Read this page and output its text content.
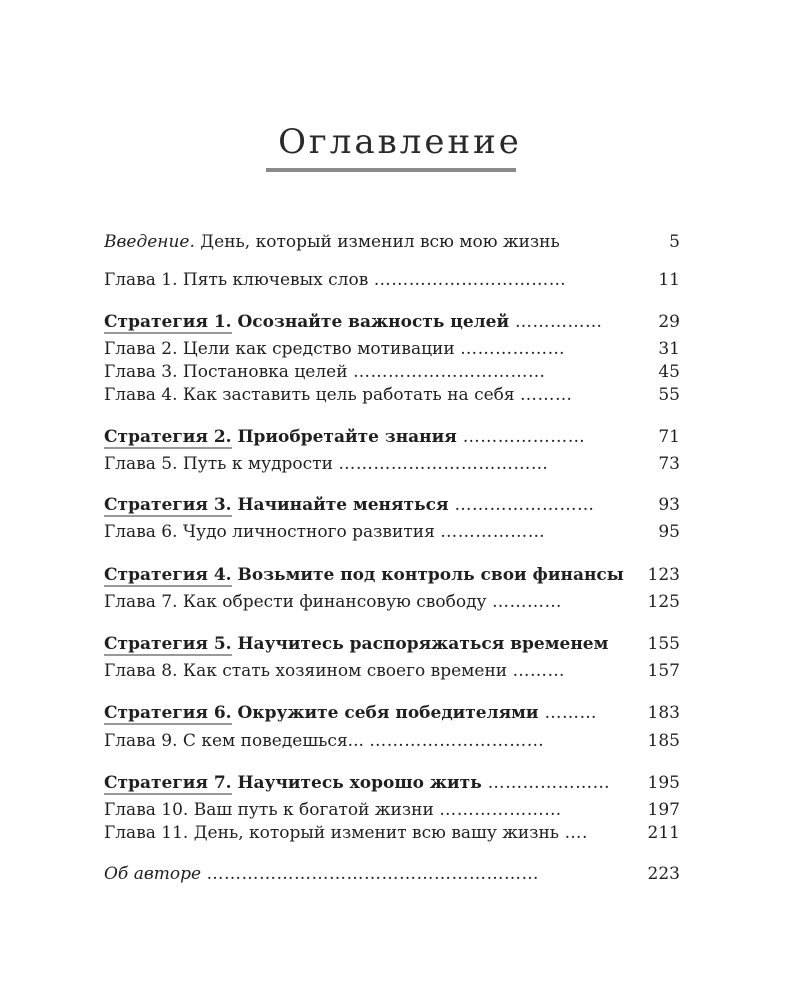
Оглавление
Введение. День, который изменил всю мою жизнь	5
Глава 1. Пять ключевых слов ……………………………	11
Стратегия 1. Осознайте важность целей ……………	29
Глава 2. Цели как средство мотивации ………………	31
Глава 3. Постановка целей ……………………………	45
Глава 4. Как заставить цель работать на себя ………	55
Стратегия 2. Приобретайте знания …………………	71
Глава 5. Путь к мудрости ………………………………	73
Стратегия 3. Начинайте меняться ……………………	93
Глава 6. Чудо личностного развития ………………	95
Стратегия 4. Возьмите под контроль свои финансы	123
Глава 7. Как обрести финансовую свободу …………	125
Стратегия 5. Научитесь распоряжаться временем	155
Глава 8. Как стать хозяином своего времени ………	157
Стратегия 6. Окружите себя победителями ………	183
Глава 9. С кем поведешься... …………………………	185
Стратегия 7. Научитесь хорошо жить …………………	195
Глава 10. Ваш путь к богатой жизни …………………	197
Глава 11. День, который изменит всю вашу жизнь ….	211
Об авторе …………………………………………………	223
